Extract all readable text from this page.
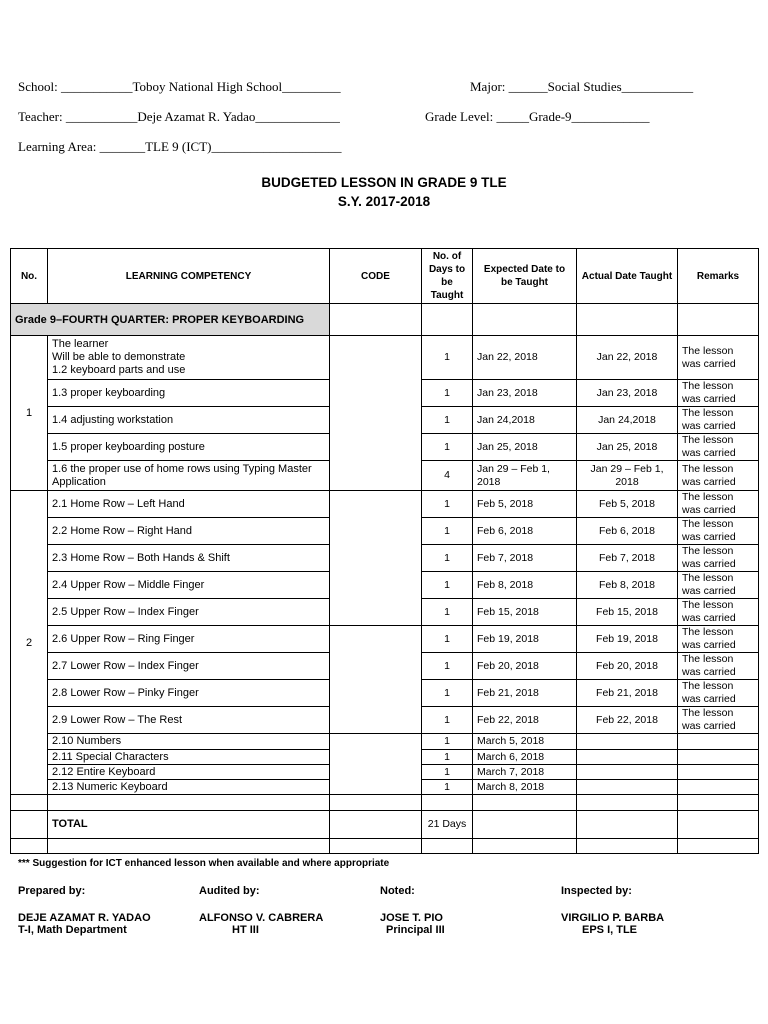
School: ___________Toboy National High School_________	Major: ______Social Studies___________
Teacher: ___________Deje Azamat R. Yadao_____________	Grade Level: _____Grade-9____________
Learning Area: _______TLE 9 (ICT)____________________
BUDGETED LESSON IN GRADE 9 TLE
S.Y. 2017-2018
No.	LEARNING COMPETENCY	CODE	No. of Days to be Taught	Expected Date to be Taught	Actual Date Taught	Remarks
Grade 9–FOURTH QUARTER: PROPER KEYBOARDING						
1	The learner
Will be able to demonstrate
1.2 keyboard parts and use		1	Jan 22, 2018	Jan 22, 2018	The lesson was carried
	1.3 proper keyboarding		1	Jan 23, 2018	Jan 23, 2018	The lesson was carried
	1.4 adjusting workstation		1	Jan 24,2018	Jan 24,2018	The lesson was carried
	1.5 proper keyboarding posture		1	Jan 25, 2018	Jan 25, 2018	The lesson was carried
	1.6 the proper use of home rows using Typing Master Application		4	Jan 29 – Feb 1, 2018	Jan 29 – Feb 1, 2018	The lesson was carried
2	2.1 Home Row – Left Hand		1	Feb 5, 2018	Feb 5, 2018	The lesson was carried
	2.2 Home Row – Right Hand		1	Feb 6, 2018	Feb 6, 2018	The lesson was carried
	2.3 Home Row – Both Hands & Shift		1	Feb 7, 2018	Feb 7, 2018	The lesson was carried
	2.4 Upper Row – Middle Finger		1	Feb 8, 2018	Feb 8, 2018	The lesson was carried
	2.5 Upper Row – Index Finger		1	Feb 15, 2018	Feb 15, 2018	The lesson was carried
	2.6 Upper Row – Ring Finger		1	Feb 19, 2018	Feb 19, 2018	The lesson was carried
	2.7 Lower Row – Index Finger		1	Feb 20, 2018	Feb 20, 2018	The lesson was carried
	2.8 Lower Row – Pinky Finger		1	Feb 21, 2018	Feb 21, 2018	The lesson was carried
	2.9 Lower Row – The Rest		1	Feb 22, 2018	Feb 22, 2018	The lesson was carried
	2.10 Numbers		1	March 5, 2018		
	2.11 Special Characters		1	March 6, 2018		
	2.12 Entire Keyboard		1	March 7, 2018		
	2.13 Numeric Keyboard		1	March 8, 2018		

	TOTAL		21 Days			

*** Suggestion for ICT enhanced lesson when available and where appropriate
Prepared by:
DEJE AZAMAT R. YADAO
T-I, Math Department
Audited by:
ALFONSO V. CABRERA
HT III
Noted:
JOSE T. PIO
Principal III
Inspected by:
VIRGILIO P. BARBA
EPS I, TLE
